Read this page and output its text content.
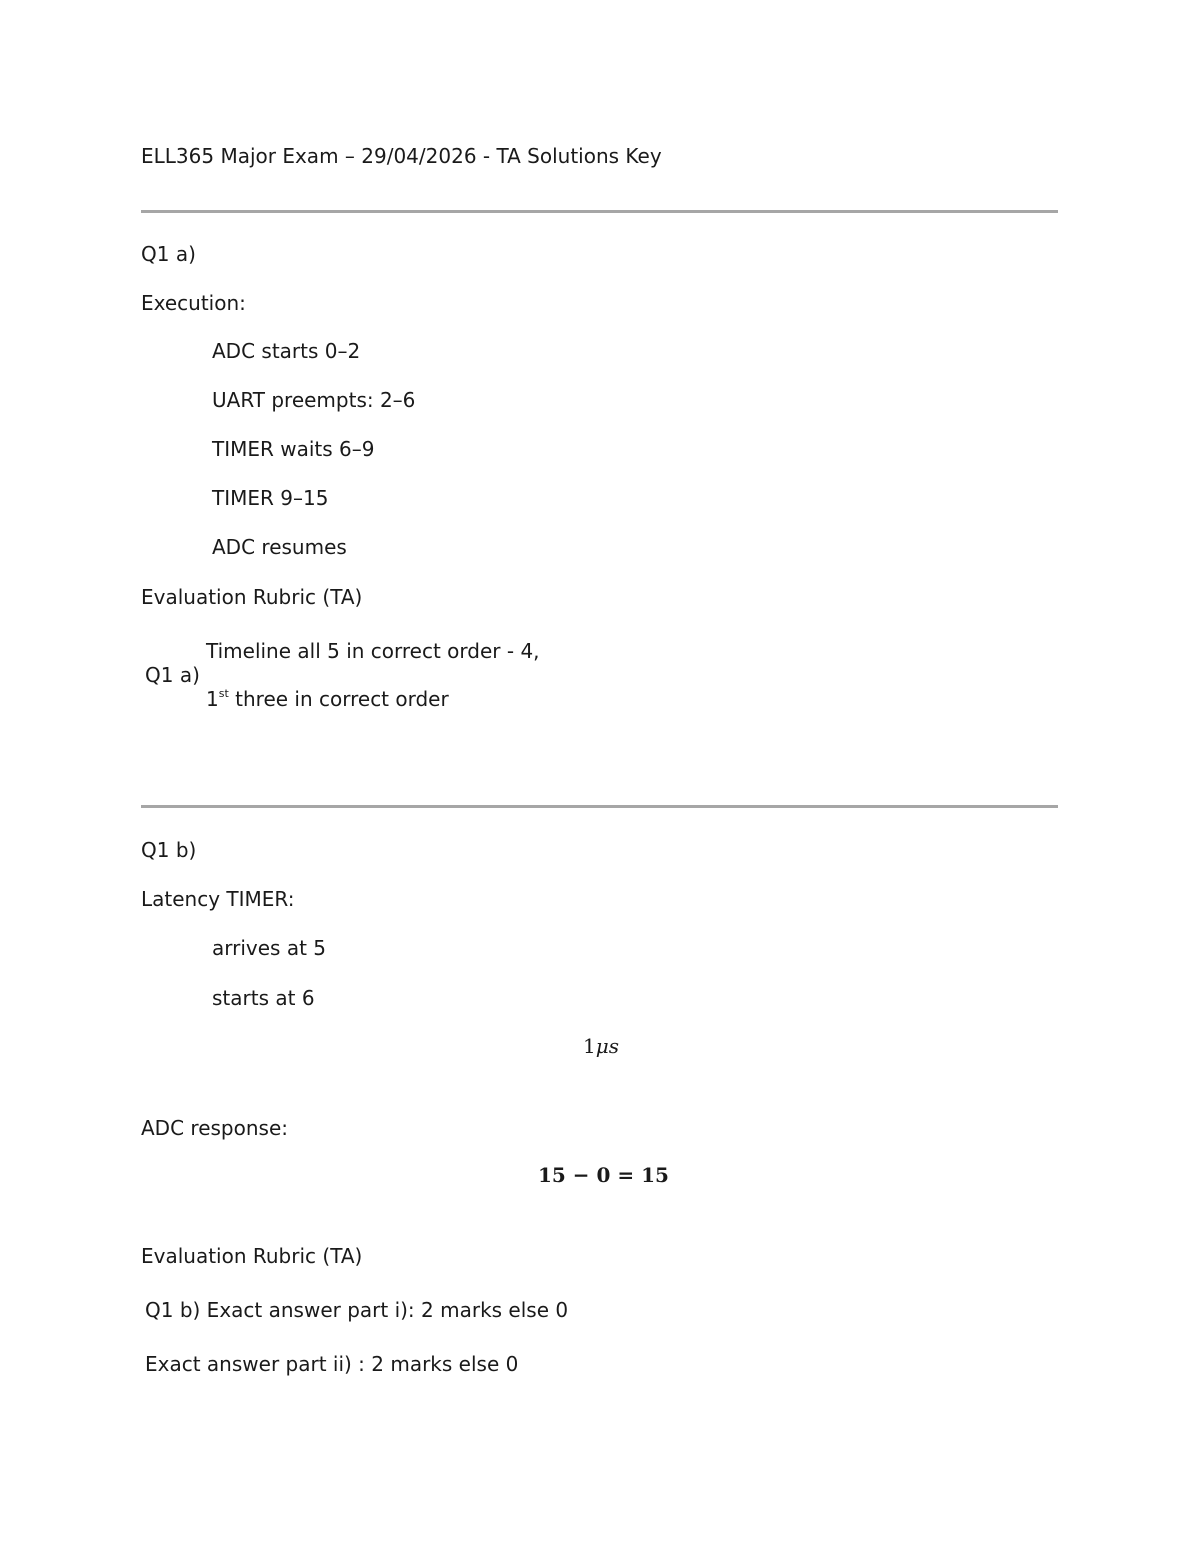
ELL365 Major Exam – 29/04/2026 - TA Solutions Key
Q1 a)
Execution:
ADC starts 0–2
UART preempts: 2–6
TIMER waits 6–9
TIMER 9–15
ADC resumes
Evaluation Rubric (TA)
Q1 a)
Timeline all 5 in correct order - 4,
1st three in correct order
Q1 b)
Latency TIMER:
arrives at 5
starts at 6
1μs
ADC response:
15 − 0 = 15
Evaluation Rubric (TA)
Q1 b) Exact answer part i): 2 marks else 0
Exact answer part ii) : 2 marks else 0
